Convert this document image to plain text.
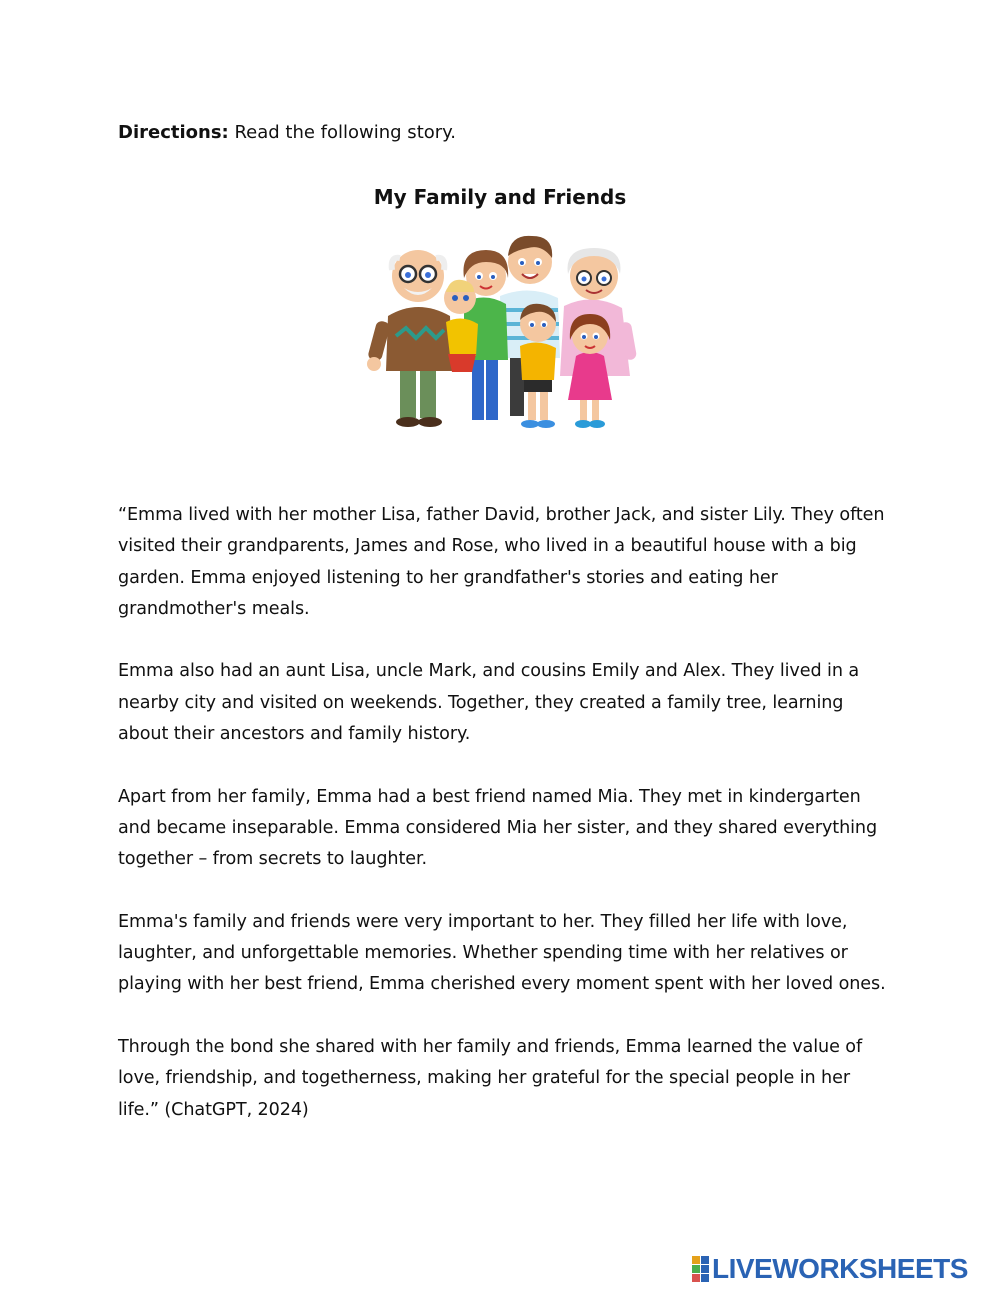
Directions: Read the following story.
My Family and Friends

“Emma lived with her mother Lisa, father David, brother Jack, and sister Lily. They often visited their grandparents, James and Rose, who lived in a beautiful house with a big garden. Emma enjoyed listening to her grandfather's stories and eating her grandmother's meals.

Emma also had an aunt Lisa, uncle Mark, and cousins Emily and Alex. They lived in a nearby city and visited on weekends. Together, they created a family tree, learning about their ancestors and family history.

Apart from her family, Emma had a best friend named Mia. They met in kindergarten and became inseparable. Emma considered Mia her sister, and they shared everything together – from secrets to laughter.

Emma's family and friends were very important to her. They filled her life with love, laughter, and unforgettable memories. Whether spending time with her relatives or playing with her best friend, Emma cherished every moment spent with her loved ones.

Through the bond she shared with her family and friends, Emma learned the value of love, friendship, and togetherness, making her grateful for the special people in her life.” (ChatGPT, 2024)

LIVEWORKSHEETS
